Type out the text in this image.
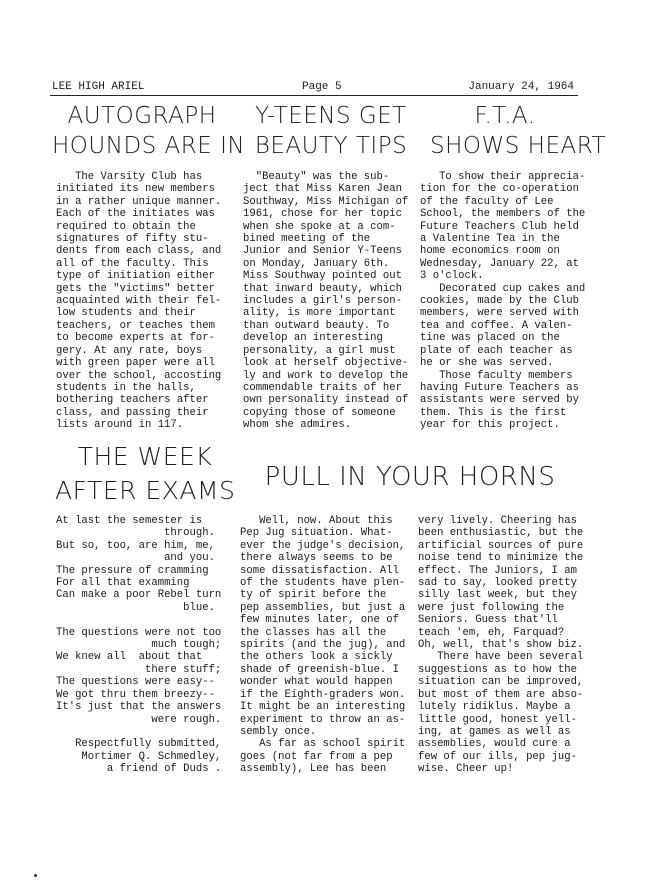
LEE HIGH ARIEL	Page 5	January 24, 1964
AUTOGRAPH
HOUNDS ARE IN
The Varsity Club has
initiated its new members
in a rather unique manner.
Each of the initiates was
required to obtain the
signatures of fifty stu-
dents from each class, and
all of the faculty. This
type of initiation either
gets the "victims" better
acquainted with their fel-
low students and their
teachers, or teaches them
to become experts at for-
gery. At any rate, boys
with green paper were all
over the school, accosting
students in the halls,
bothering teachers after
class, and passing their
lists around in 117.
Y-TEENS GET
BEAUTY TIPS
"Beauty" was the sub-
ject that Miss Karen Jean
Southway, Miss Michigan of
1961, chose for her topic
when she spoke at a com-
bined meeting of the
Junior and Senior Y-Teens
on Monday, January 6th.
Miss Southway pointed out
that inward beauty, which
includes a girl's person-
ality, is more important
than outward beauty. To
develop an interesting
personality, a girl must
look at herself objective-
ly and work to develop the
commendable traits of her
own personality instead of
copying those of someone
whom she admires.
F.T.A.
SHOWS HEART
To show their apprecia-
tion for the co-operation
of the faculty of Lee
School, the members of the
Future Teachers Club held
a Valentine Tea in the
home economics room on
Wednesday, January 22, at
3 o'clock.
Decorated cup cakes and
cookies, made by the Club
members, were served with
tea and coffee. A valen-
tine was placed on the
plate of each teacher as
he or she was served.
Those faculty members
having Future Teachers as
assistants were served by
them. This is the first
year for this project.
THE WEEK
AFTER EXAMS
At last the semester is
through.
But so, too, are him, me,
and you.
The pressure of cramming
For all that examming
Can make a poor Rebel turn
blue.

The questions were not too
much tough;
We knew all  about that
there stuff;
The questions were easy--
We got thru them breezy--
It's just that the answers
were rough.

Respectfully submitted,
Mortimer Q. Schmedley,
a friend of Duds .
PULL IN YOUR HORNS
Well, now. About this
Pep Jug situation. What-
ever the judge's decision,
there always seems to be
some dissatisfaction. All
of the students have plen-
ty of spirit before the
pep assemblies, but just a
few minutes later, one of
the classes has all the
spirits (and the jug), and
the others look a sickly
shade of greenish-blue. I
wonder what would happen
if the Eighth-graders won.
It might be an interesting
experiment to throw an as-
sembly once.
As far as school spirit
goes (not far from a pep
assembly), Lee has been
very lively. Cheering has
been enthusiastic, but the
artificial sources of pure
noise tend to minimize the
effect. The Juniors, I am
sad to say, looked pretty
silly last week, but they
were just following the
Seniors. Guess that'll
teach 'em, eh, Farquad?
Oh, well, that's show biz.
There have been several
suggestions as to how the
situation can be improved,
but most of them are abso-
lutely ridiklus. Maybe a
little good, honest yell-
ing, at games as well as
assemblies, would cure a
few of our ills, pep jug-
wise. Cheer up!
